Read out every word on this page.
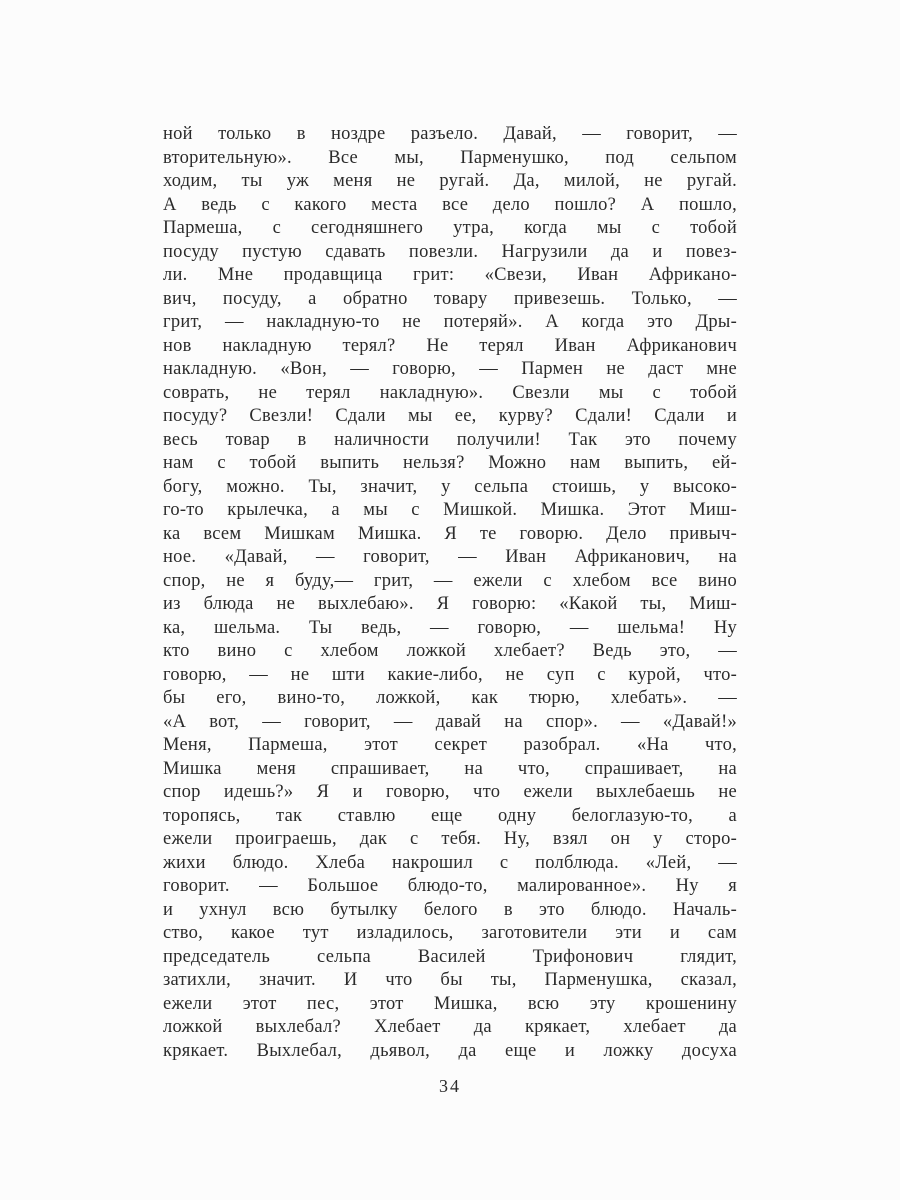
ной только в ноздре разъело. Давай, — говорит, —
вторительную». Все мы, Парменушко, под сельпом
ходим, ты уж меня не ругай. Да, милой, не ругай.
А ведь с какого места все дело пошло? А пошло,
Пармеша, с сегодняшнего утра, когда мы с тобой
посуду пустую сдавать повезли. Нагрузили да и повез-
ли. Мне продавщица грит: «Свези, Иван Африкано-
вич, посуду, а обратно товару привезешь. Только, —
грит, — накладную-то не потеряй». А когда это Дры-
нов накладную терял? Не терял Иван Африканович
накладную. «Вон, — говорю, — Пармен не даст мне
соврать, не терял накладную». Свезли мы с тобой
посуду? Свезли! Сдали мы ее, курву? Сдали! Сдали и
весь товар в наличности получили! Так это почему
нам с тобой выпить нельзя? Можно нам выпить, ей-
богу, можно. Ты, значит, у сельпа стоишь, у высоко-
го-то крылечка, а мы с Мишкой. Мишка. Этот Миш-
ка всем Мишкам Мишка. Я те говорю. Дело привыч-
ное. «Давай, — говорит, — Иван Африканович, на
спор, не я буду,— грит, — ежели с хлебом все вино
из блюда не выхлебаю». Я говорю: «Какой ты, Миш-
ка, шельма. Ты ведь, — говорю, — шельма! Ну
кто вино с хлебом ложкой хлебает? Ведь это, —
говорю, — не шти какие-либо, не суп с курой, что-
бы его, вино-то, ложкой, как тюрю, хлебать». —
«А вот, — говорит, — давай на спор». — «Давай!»
Меня, Пармеша, этот секрет разобрал. «На что,
Мишка меня спрашивает, на что, спрашивает, на
спор идешь?» Я и говорю, что ежели выхлебаешь не
торопясь, так ставлю еще одну белоглазую-то, а
ежели проиграешь, дак с тебя. Ну, взял он у сторо-
жихи блюдо. Хлеба накрошил с полблюда. «Лей, —
говорит. — Большое блюдо-то, малированное». Ну я
и ухнул всю бутылку белого в это блюдо. Началь-
ство, какое тут изладилось, заготовители эти и сам
председатель сельпа Василей Трифонович глядит,
затихли, значит. И что бы ты, Парменушка, сказал,
ежели этот пес, этот Мишка, всю эту крошенину
ложкой выхлебал? Хлебает да крякает, хлебает да
крякает. Выхлебал, дьявол, да еще и ложку досуха
34
